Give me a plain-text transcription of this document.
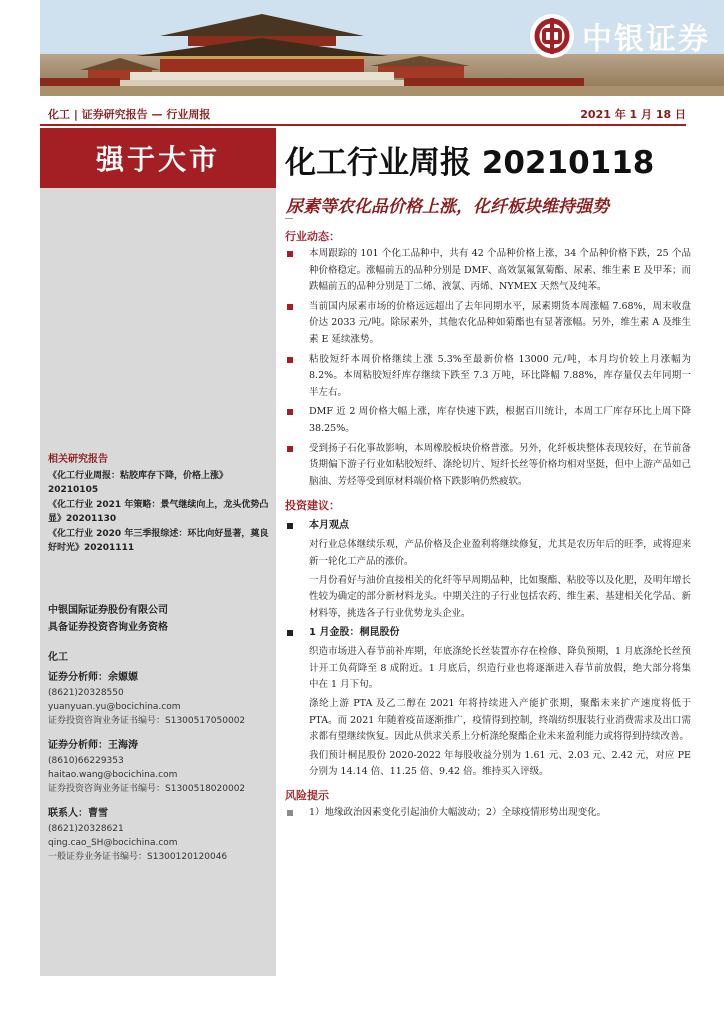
中银证券
化工 | 证券研究报告 — 行业周报	2021 年 1 月 18 日
强于大市 化工行业周报 20210118
尿素等农化品价格上涨，化纤板块维持强势
相关研究报告
《化工行业周报：粘胶库存下降，价格上涨》20210105
《化工行业 2021 年策略：景气继续向上，龙头优势凸显》20201130
《化工行业 2020 年三季报综述：环比向好显著，奠良好时光》20201111
中银国际证券股份有限公司
具备证券投资咨询业务资格
化工
证券分析师：余嫄嫄
(8621)20328550
yuanyuan.yu@bocichina.com
证券投资咨询业务证书编号：S1300517050002
证券分析师：王海涛
(8610)66229353
haitao.wang@bocichina.com
证券投资咨询业务证书编号：S1300518020002
联系人：曹雪
(8621)20328621
qing.cao_SH@bocichina.com
一般证券业务证书编号：S1300120120046
行业动态：
本周跟踪的 101 个化工品种中，共有 42 个品种价格上涨，34 个品种价格下跌，25 个品种价格稳定。涨幅前五的品种分别是 DMF、高效氯氟氰菊酯、尿素、维生素 E 及甲苯；而跌幅前五的品种分别是丁二烯、液氯、丙烯、NYMEX 天然气及纯苯。
当前国内尿素市场的价格远远超出了去年同期水平，尿素期货本周涨幅 7.68%，周末收盘价达 2033 元/吨。除尿素外，其他农化品种如菊酯也有显著涨幅。另外，维生素 A 及维生素 E 延续涨势。
粘胶短纤本周价格继续上涨 5.3%至最新价格 13000 元/吨，本月均价较上月涨幅为 8.2%。本周粘胶短纤库存继续下跌至 7.3 万吨，环比降幅 7.88%，库存量仅去年同期一半左右。
DMF 近 2 周价格大幅上涨，库存快速下跌，根据百川统计，本周工厂库存环比上周下降 38.25%。
受到扬子石化事故影响，本周橡胶板块价格普涨。另外，化纤板块整体表现较好，在节前备货期偏下游子行业如粘胶短纤、涤纶切片、短纤长丝等价格均相对坚挺，但中上游产品如己脑油、芳烃等受到原材料端价格下跌影响仍然疲软。
投资建议：
本月观点
对行业总体继续乐观，产品价格及企业盈利将继续修复，尤其是农历年后的旺季，或将迎来新一轮化工产品的涨价。
一月份看好与油价直接相关的化纤等早周期品种，比如聚酯、粘胶等以及化肥，及明年增长性较为确定的部分新材料龙头。中期关注的子行业包括农药、维生素、基建相关化学品、新材料等，挑选各子行业优势龙头企业。
1 月金股：桐昆股份
织造市场进入春节前补库期，年底涤纶长丝装置亦存在检修、降负预期，1 月底涤纶长丝预计开工负荷降至 8 成附近。1 月底后，织造行业也将逐渐进入春节前放假，绝大部分将集中在 1 月下旬。
涤纶上游 PTA 及乙二醇在 2021 年将持续进入产能扩张期，聚酯未来扩产速度将低于 PTA。而 2021 年随着疫苗逐渐推广，疫情得到控制，终端纺织服装行业消费需求及出口需求都有望继续恢复。因此从供求关系上分析涤纶聚酯企业未来盈利能力或将得到持续改善。
我们预计桐昆股份 2020-2022 年每股收益分别为 1.61 元、2.03 元、2.42 元，对应 PE 分别为 14.14 倍、11.25 倍、9.42 倍。维持买入评级。
风险提示
1）地缘政治因素变化引起油价大幅波动；2）全球疫情形势出现变化。
